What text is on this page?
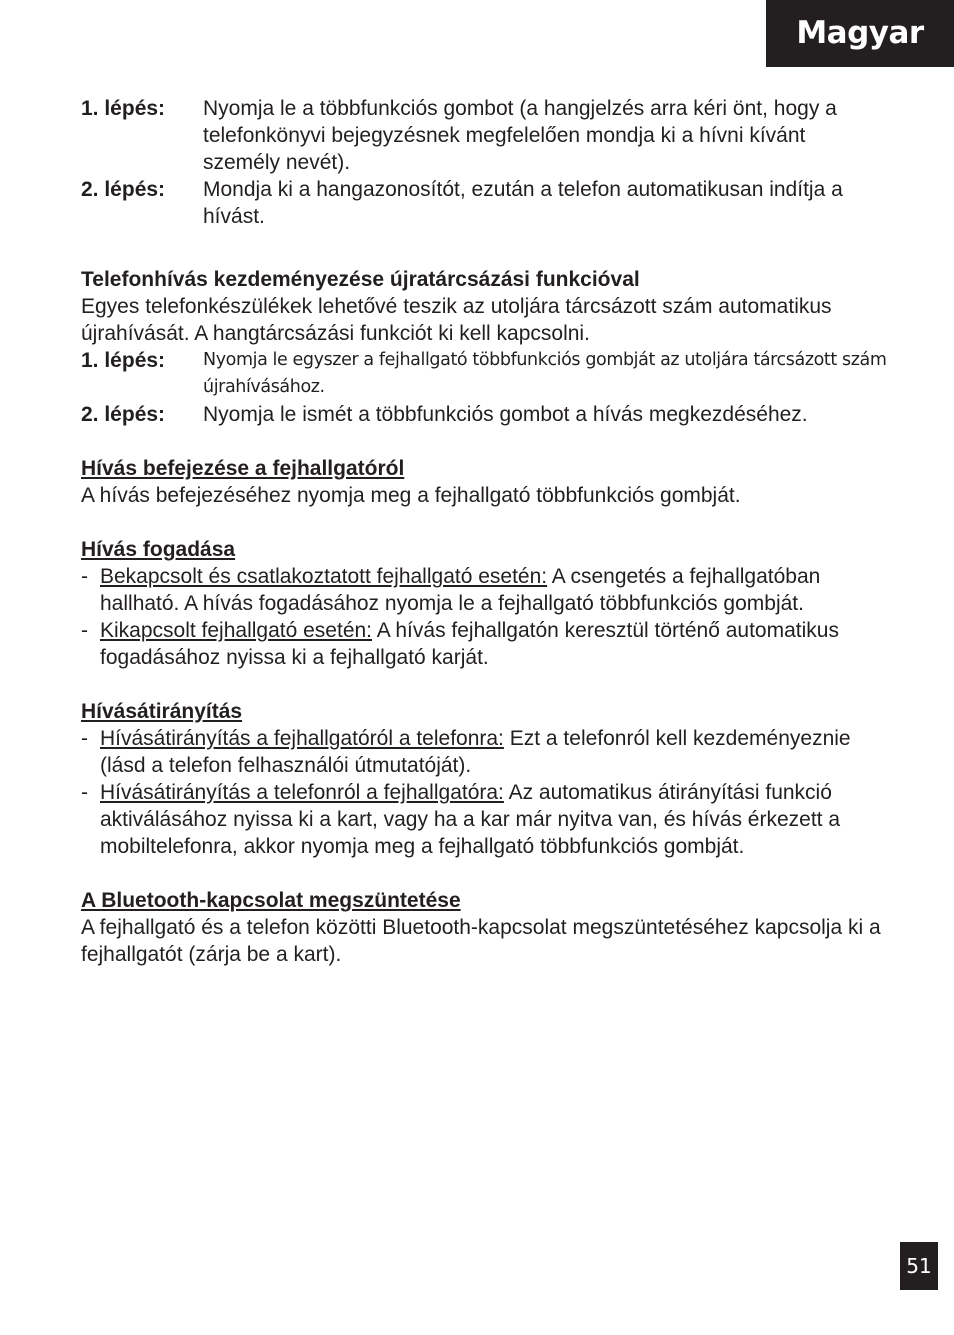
Magyar
1. lépés:	Nyomja le a többfunkciós gombot (a hangjelzés arra kéri önt, hogy a telefonkönyvi bejegyzésnek megfelelően mondja ki a hívni kívánt személy nevét).
2. lépés:	Mondja ki a hangazonosítót, ezután a telefon automatikusan indítja a hívást.
Telefonhívás kezdeményezése újratárcsázási funkcióval

Egyes telefonkészülékek lehetővé teszik az utoljára tárcsázott szám automatikus újrahívását. A hangtárcsázási funkciót ki kell kapcsolni.

1. lépés:	Nyomja le egyszer a fejhallgató többfunkciós gombját az utoljára tárcsázott szám újrahívásához.
2. lépés:	Nyomja le ismét a többfunkciós gombot a hívás megkezdéséhez.
Hívás befejezése a fejhallgatóról

A hívás befejezéséhez nyomja meg a fejhallgató többfunkciós gombját.

Hívás fogadása
- Bekapcsolt és csatlakoztatott fejhallgató esetén: A csengetés a fejhallgatóban hallható. A hívás fogadásához nyomja le a fejhallgató többfunkciós gombját.
- Kikapcsolt fejhallgató esetén: A hívás fejhallgatón keresztül történő automatikus fogadásához nyissa ki a fejhallgató karját.
Hívásátirányítás
- Hívásátirányítás a fejhallgatóról a telefonra: Ezt a telefonról kell kezdeményeznie (lásd a telefon felhasználói útmutatóját).
- Hívásátirányítás a telefonról a fejhallgatóra: Az automatikus átirányítási funkció aktiválásához nyissa ki a kart, vagy ha a kar már nyitva van, és hívás érkezett a mobiltelefonra, akkor nyomja meg a fejhallgató többfunkciós gombját.
A Bluetooth-kapcsolat megszüntetése

A fejhallgató és a telefon közötti Bluetooth-kapcsolat megszüntetéséhez kapcsolja ki a fejhallgatót (zárja be a kart).

51
